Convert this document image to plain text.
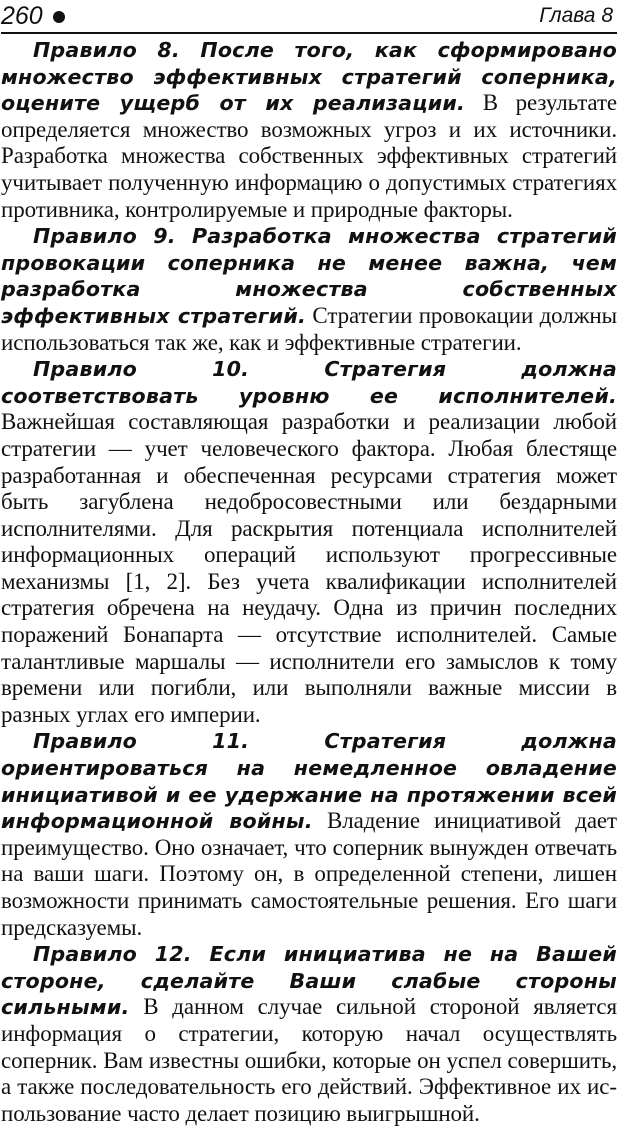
260	Глава 8

Правило 8. После того, как сформировано множество эффективных стратегий соперника, оцените ущерб от их реализации. В результате определяется множество возможных угроз и их источники. Разработка множества собственных эффективных стратегий учитывает полученную информацию о допустимых стратегиях противника, контролируемые и природные факторы.

Правило 9. Разработка множества стратегий провокации соперника не менее важна, чем разработка множества собственных эффективных стратегий. Стратегии провокации должны использоваться так же, как и эффективные стратегии.

Правило 10. Стратегия должна соответствовать уровню ее исполнителей. Важнейшая составляющая разработки и реализации любой стратегии — учет человеческого фактора. Любая блестяще разработанная и обеспеченная ресурсами стратегия может быть загублена недобросовестными или бездарными исполнителями. Для раскрытия потенциала исполнителей информационных операций используют прогрессивные механизмы [1, 2]. Без учета квалификации исполнителей стратегия обречена на неудачу. Одна из причин последних поражений Бонапарта — отсутствие исполнителей. Самые талантливые маршалы — исполнители его замыслов к тому времени или погибли, или выполняли важные миссии в разных углах его империи.

Правило 11. Стратегия должна ориентироваться на немедленное овладение инициативой и ее удержание на протяжении всей информационной войны. Владение инициативой дает преимущество. Оно означает, что соперник вынужден отвечать на ваши шаги. Поэтому он, в определенной степени, лишен возможности принимать самостоятельные решения. Его шаги предсказуемы.

Правило 12. Если инициатива не на Вашей стороне, сделайте Ваши слабые стороны сильными. В данном случае сильной стороной является информация о стратегии, которую начал осуществлять соперник. Вам известны ошибки, которые он успел совершить, а также последовательность его действий. Эффективное их использование часто делает позицию выигрышной.
